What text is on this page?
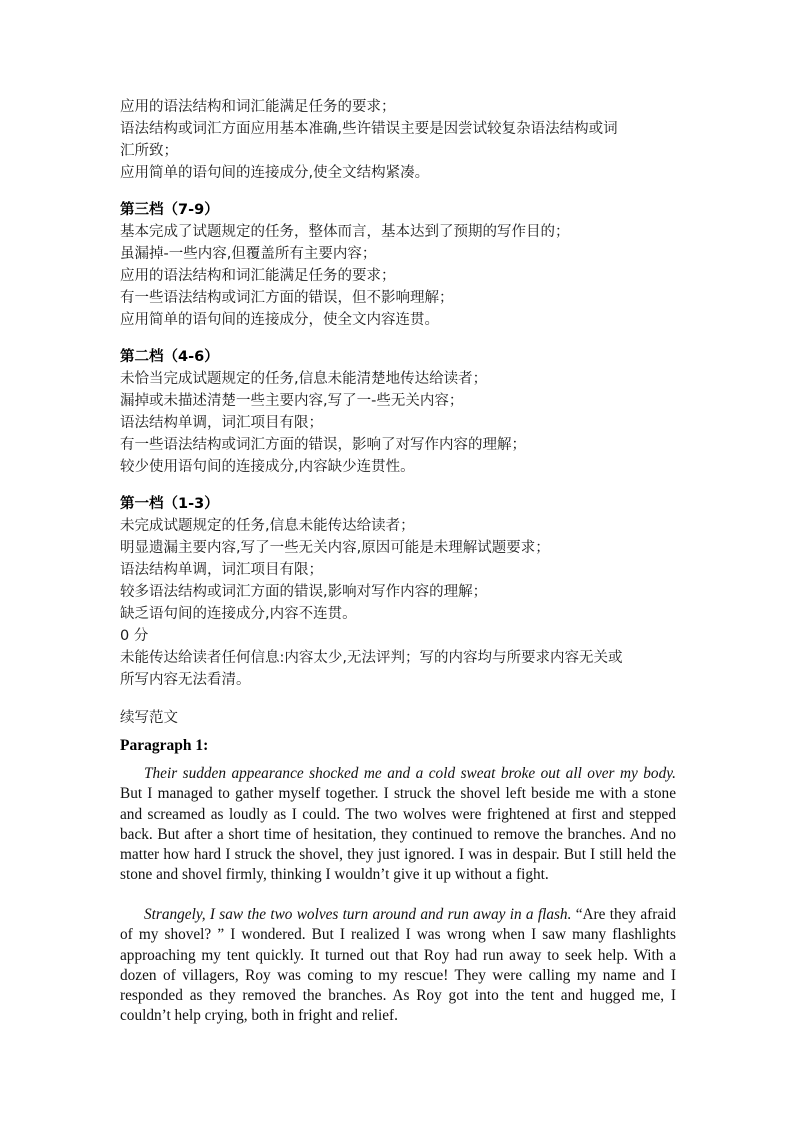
应用的语法结构和词汇能满足任务的要求；
语法结构或词汇方面应用基本准确,些许错误主要是因尝试较复杂语法结构或词
汇所致；
应用简单的语句间的连接成分,使全文结构紧凑。
第三档（7-9）
基本完成了试题规定的任务，整体而言，基本达到了预期的写作目的；
虽漏掉-一些内容,但覆盖所有主要内容；
应用的语法结构和词汇能满足任务的要求；
有一些语法结构或词汇方面的错误，但不影响理解；
应用简单的语句间的连接成分，使全文内容连贯。
第二档（4-6）
未恰当完成试题规定的任务,信息未能清楚地传达给读者；
漏掉或未描述清楚一些主要内容,写了一-些无关内容；
语法结构单调，词汇项目有限；
有一些语法结构或词汇方面的错误，影响了对写作内容的理解；
较少使用语句间的连接成分,内容缺少连贯性。
第一档（1-3）
未完成试题规定的任务,信息未能传达给读者；
明显遗漏主要内容,写了一些无关内容,原因可能是未理解试题要求；
语法结构单调，词汇项目有限；
较多语法结构或词汇方面的错误,影响对写作内容的理解；
缺乏语句间的连接成分,内容不连贯。
0 分
未能传达给读者任何信息:内容太少,无法评判；写的内容均与所要求内容无关或
所写内容无法看清。
续写范文
Paragraph 1:
Their sudden appearance shocked me and a cold sweat broke out all over my body. But I managed to gather myself together. I struck the shovel left beside me with a stone and screamed as loudly as I could. The two wolves were frightened at first and stepped back. But after a short time of hesitation, they continued to remove the branches. And no matter how hard I struck the shovel, they just ignored. I was in despair. But I still held the stone and shovel firmly, thinking I wouldn’t give it up without a fight.
Strangely, I saw the two wolves turn around and run away in a flash. “Are they afraid of my shovel? ” I wondered. But I realized I was wrong when I saw many flashlights approaching my tent quickly. It turned out that Roy had run away to seek help. With a dozen of villagers, Roy was coming to my rescue! They were calling my name and I responded as they removed the branches. As Roy got into the tent and hugged me, I couldn’t help crying, both in fright and relief.
